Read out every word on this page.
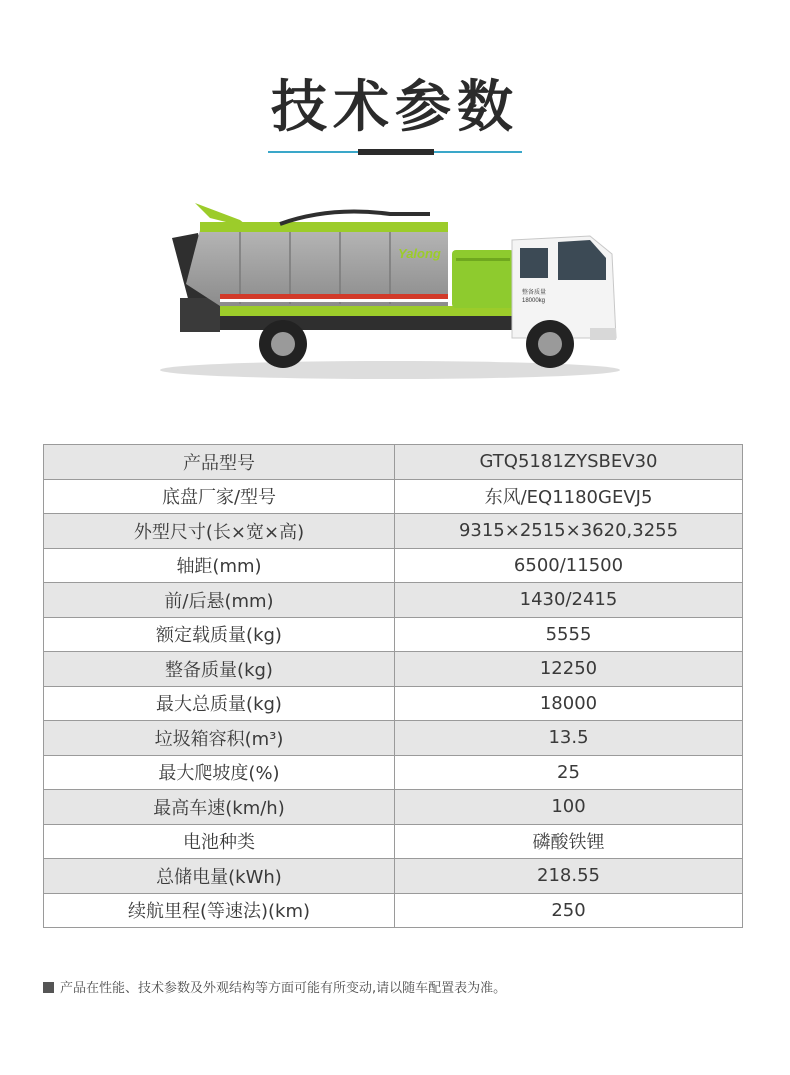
技术参数
Yalong
整备质量
18000kg
产品型号	GTQ5181ZYSBEV30
底盘厂家/型号	东风/EQ1180GEVJ5
外型尺寸(长×宽×高)	9315×2515×3620,3255
轴距(mm)	6500/11500
前/后悬(mm)	1430/2415
额定载质量(kg)	5555
整备质量(kg)	12250
最大总质量(kg)	18000
垃圾箱容积(m³)	13.5
最大爬坡度(%)	25
最高车速(km/h)	100
电池种类	磷酸铁锂
总储电量(kWh)	218.55
续航里程(等速法)(km)	250
产品在性能、技术参数及外观结构等方面可能有所变动,请以随车配置表为准。
